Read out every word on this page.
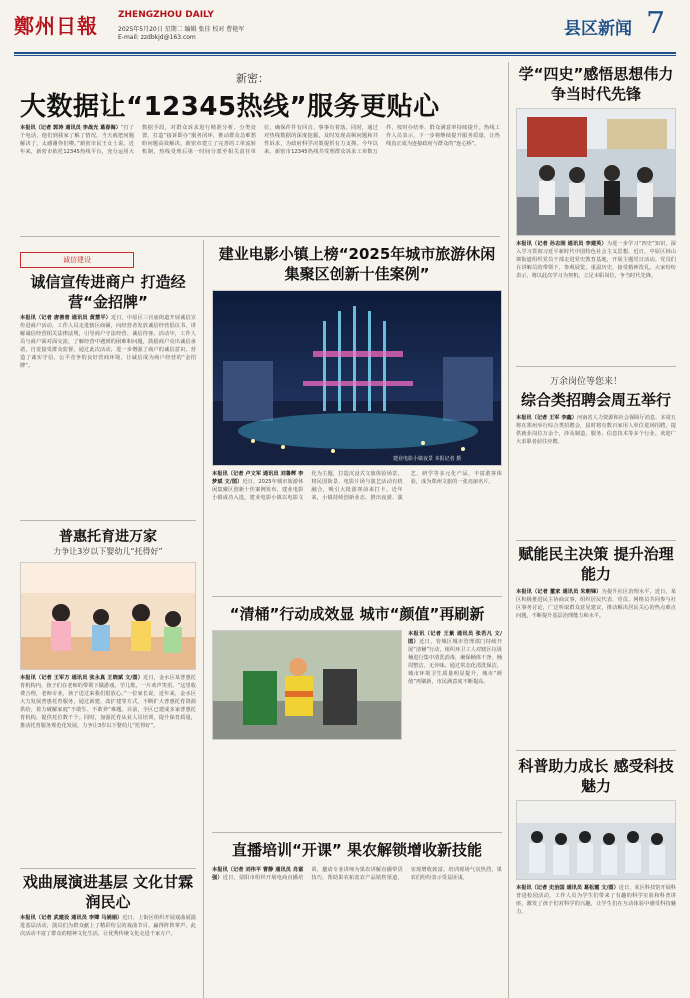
鄭州日報 ZHENGZHOU DAILY
2025年5月20日 星期二 编辑 张佳 校对 曹艳军
E-mail: zzdbkjd@163.com	县区新闻 7
新密：
大数据让“12345热线”服务更贴心
本报讯（记者 郭涛 通讯员 李战光 葛春海）“打了个电话，他们到我家了解了情况，当天就把问题解决了，太感谢你们啦。”新密市民王女士说。近年来，新密市依托12345热线平台，充分运用大数据手段，对群众诉求进行精准分析、分类处置，打造“接诉即办”服务闭环，推动群众急难愁盼问题高效解决。新密市建立了完善的工单流转机制，热线受理后第一时间分派至相关责任单位，确保件件有回音、事事有着落。同时，通过对热线数据的深度挖掘，及时发现高频问题和共性诉求，为政府科学决策提供有力支撑。今年以来，新密市12345热线共受理群众诉求工单数万件，按时办结率、群众满意率持续提升。热线工作人员表示，下一步将继续提升服务质量，让热线真正成为连接政府与群众的“连心桥”。
学“四史”感悟思想伟力 争当时代先锋
本报讯（记者 孙志刚 通讯员 李建英）为进一步学习“四史”知识，深入学习贯彻习近平新时代中国特色社会主义思想，近日，中原区林山寨街道组织党员干部走进党史教育基地，开展主题党日活动。党员们在讲解员的带领下，参观展览，重温历史，接受精神洗礼。大家纷纷表示，将以此次学习为契机，立足本职岗位，争当时代先锋。
万余岗位等您来！
综合类招聘会周五举行
本报讯（记者 王军 李鑫）河南省人力资源和社会保障厅消息，本周五将在郑州举行综合类招聘会，届时将有数百家用人单位进场招聘，提供就业岗位万余个，涉及制造、服务、信息技术等多个行业。欢迎广大求职者前往应聘。
赋能民主决策 提升治理能力
本报讯（记者 董家 通讯员 朱朝锋）为提升社区治理水平，近日，某区积极推进民主协商议事，组织居民代表、党员、网格员共同参与社区事务讨论，广泛听取群众意见建议，推动解决居民关心的热点难点问题，不断提升基层治理能力和水平。
科普助力成长 感受科技魅力
本报讯（记者 史治国 通讯员 葛松霞 文/图）近日，某区科技馆开展科普进校园活动，工作人员为学生们带来了有趣的科学实验和科普讲座，激发了孩子们对科学的兴趣，让学生们在互动体验中感受科技魅力。
诚信建设
诚信宣传进商户 打造经营“金招牌”
本报讯（记者 唐善普 通讯员 黄慧平）近日，中原区三官庙街道开展诚信宣传进商户活动，工作人员走进辖区商铺，向经营者发放诚信经营倡议书，讲解诚信经营相关法律法规，引导商户守法经营、诚信待客。活动中，工作人员与商户面对面交流，了解经营中遇到的困难和问题，鼓励商户亮出诚信承诺，自觉接受群众监督。通过此次活动，进一步增强了商户的诚信意识，营造了诚实守信、公平竞争的良好营商环境，让诚信成为商户经营的“金招牌”。
普惠托育进万家
力争让3岁以下婴幼儿“托得好”
本报讯（记者 王军方 通讯员 张永真 王晓斌 文/图）近日，金水区某普惠托育机构内，孩子们在老师的带领下做游戏、学儿歌，一片欢声笑语。“这里收费合理，老师专业，孩子送过来我们很放心。”一位家长说。近年来，金水区大力发展普惠托育服务，通过新建、改扩建等方式，不断扩大普惠托育资源供给，着力破解家庭“不敢生、不敢养”难题。目前，全区已建成多家普惠托育机构，提供托位数千个。同时，加强托育从业人员培训，提升保育质量，推动托育服务规范化发展，力争让3岁以下婴幼儿“托得好”。
戏曲展演进基层 文化甘霖润民心
本报讯（记者 武建设 通讯员 李卿 马娟娟）近日，上街区组织开展戏曲展演进基层活动，演员们为群众献上了精彩纷呈的戏曲节目，赢得阵阵掌声。此次活动丰富了群众的精神文化生活，让优秀传统文化走进千家万户。
建业电影小镇上榜“2025年城市旅游休闲集聚区创新十佳案例”
建业电影小镇夜景 本报记者 摄
本报讯（记者 卢文军 通讯员 刘鲁辉 李梦斌 文/图）近日，2025年城市旅游休闲集聚区创新十佳案例发布，建业电影小镇成功入选。建业电影小镇以电影文化为主题，打造沉浸式文旅体验场景，将民国街景、电影片场与演艺活动有机融合，吸引大批游客前来打卡。近年来，小镇持续创新业态，推出夜游、演艺、研学等多元化产品，丰富游客体验，成为郑州文旅的一张亮丽名片。
“清桶”行动成效显 城市“颜值”再刷新
本报讯（记者 王紫 通讯员 张若凡 文/图）近日，管城区城市管理部门持续开展“清桶”行动，组织环卫工人对辖区垃圾桶进行集中清洗消毒，确保桶体干净、桶周整洁、无异味。通过常态化清洗保洁，城市环境卫生质量明显提升，城市“颜值”再刷新，市民满意度不断提高。
直播培训“开课” 果农解锁增收新技能
本报讯（记者 刘伟平 曹静 通讯员 肖富强）近日，荥阳市组织开展电商直播培训，邀请专业讲师为果农讲解直播带货技巧，帮助果农拓宽农产品销售渠道，实现增收致富。培训现场气氛热烈，果农们纷纷表示受益匪浅。
